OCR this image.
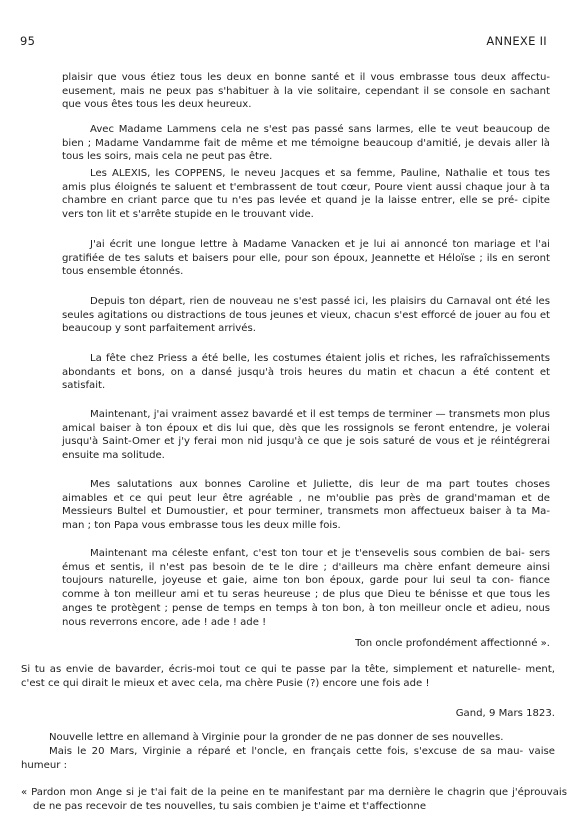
95	ANNEXE II

plaisir que vous étiez tous les deux en bonne santé et il vous embrasse tous deux affectu- eusement, mais ne peux pas s'habituer à la vie solitaire, cependant il se console en sachant que vous êtes tous les deux heureux.

Avec Madame Lammens cela ne s'est pas passé sans larmes, elle te veut beaucoup de bien ; Madame Vandamme fait de même et me témoigne beaucoup d'amitié, je devais aller là tous les soirs, mais cela ne peut pas être.

Les ALEXIS, les COPPENS, le neveu Jacques et sa femme, Pauline, Nathalie et tous tes amis plus éloignés te saluent et t'embrassent de tout cœur, Poure vient aussi chaque jour à ta chambre en criant parce que tu n'es pas levée et quand je la laisse entrer, elle se pré- cipite vers ton lit et s'arrête stupide en le trouvant vide.

J'ai écrit une longue lettre à Madame Vanacken et je lui ai annoncé ton mariage et l'ai gratifiée de tes saluts et baisers pour elle, pour son époux, Jeannette et Héloïse ; ils en seront tous ensemble étonnés.

Depuis ton départ, rien de nouveau ne s'est passé ici, les plaisirs du Carnaval ont été les seules agitations ou distractions de tous jeunes et vieux, chacun s'est efforcé de jouer au fou et beaucoup y sont parfaitement arrivés.

La fête chez Priess a été belle, les costumes étaient jolis et riches, les rafraîchissements abondants et bons, on a dansé jusqu'à trois heures du matin et chacun a été content et satisfait.

Maintenant, j'ai vraiment assez bavardé et il est temps de terminer — transmets mon plus amical baiser à ton époux et dis lui que, dès que les rossignols se feront entendre, je volerai jusqu'à Saint-Omer et j'y ferai mon nid jusqu'à ce que je sois saturé de vous et je réintégrerai ensuite ma solitude.

Mes salutations aux bonnes Caroline et Juliette, dis leur de ma part toutes choses aimables et ce qui peut leur être agréable , ne m'oublie pas près de grand'maman et de Messieurs Bultel et Dumoustier, et pour terminer, transmets mon affectueux baiser à ta Ma- man ; ton Papa vous embrasse tous les deux mille fois.

Maintenant ma céleste enfant, c'est ton tour et je t'ensevelis sous combien de bai- sers émus et sentis, il n'est pas besoin de te le dire ; d'ailleurs ma chère enfant demeure ainsi toujours naturelle, joyeuse et gaie, aime ton bon époux, garde pour lui seul ta con- fiance comme à ton meilleur ami et tu seras heureuse ; de plus que Dieu te bénisse et que tous les anges te protègent ; pense de temps en temps à ton bon, à ton meilleur oncle et adieu, nous nous reverrons encore, ade ! ade ! ade !

Ton oncle profondément affectionné ».

Si tu as envie de bavarder, écris-moi tout ce qui te passe par la tête, simplement et naturelle- ment, c'est ce qui dirait le mieux et avec cela, ma chère Pusie (?) encore une fois ade !

Gand, 9 Mars 1823.

Nouvelle lettre en allemand à Virginie pour la gronder de ne pas donner de ses nouvelles.

Mais le 20 Mars, Virginie a réparé et l'oncle, en français cette fois, s'excuse de sa mau- vaise humeur :

« Pardon mon Ange si je t'ai fait de la peine en te manifestant par ma dernière le chagrin que j'éprouvais de ne pas recevoir de tes nouvelles, tu sais combien je t'aime et t'affectionne
